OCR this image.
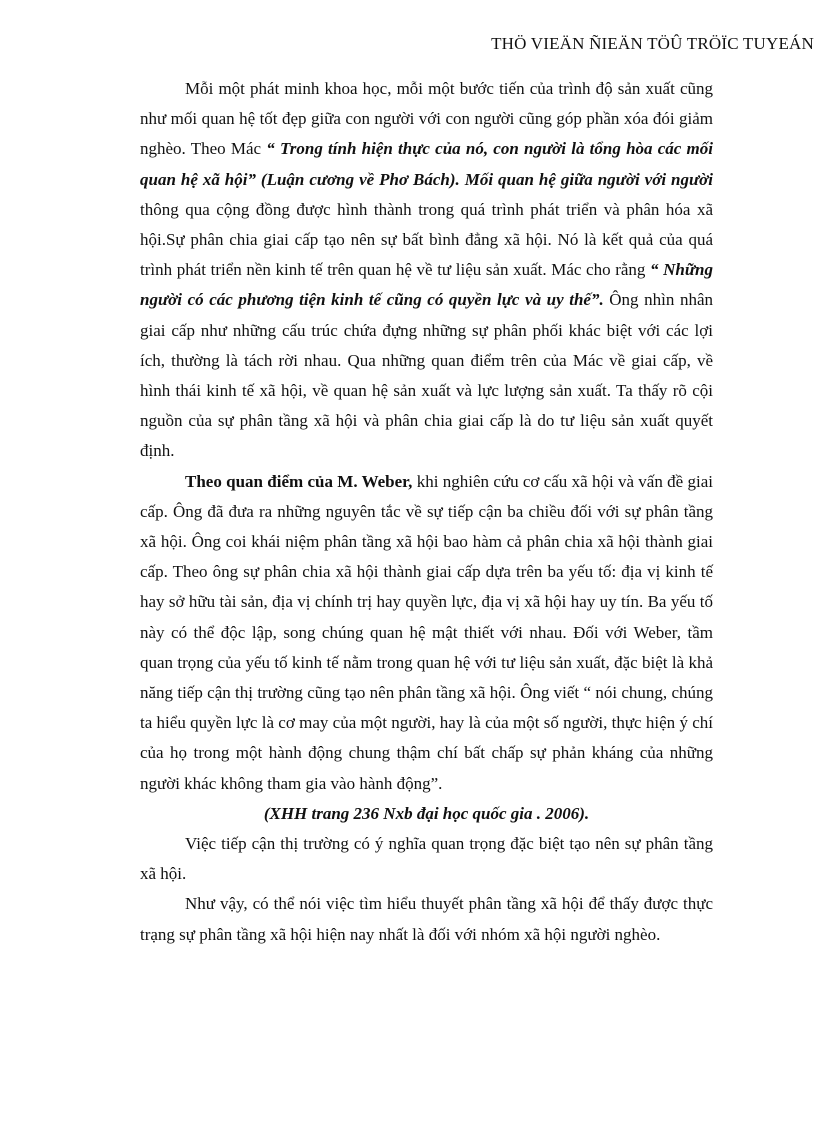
THÖ VIEÄN ÑIEÄN TÖÛ TRÖÏC TUYEÁN

Mỗi một phát minh khoa học, mỗi một bước tiến của trình độ sản xuất cũng như mối quan hệ tốt đẹp giữa con người với con người cũng góp phần xóa đói giảm nghèo. Theo Mác “ Trong tính hiện thực của nó, con người là tổng hòa các mối quan hệ xã hội” (Luận cương về Phơ Bách). Mối quan hệ giữa người với người thông qua cộng đồng được hình thành trong quá trình phát triển và phân hóa xã hội.Sự phân chia giai cấp tạo nên sự bất bình đẳng xã hội. Nó là kết quả của quá trình phát triển nền kinh tế trên quan hệ về tư liệu sản xuất. Mác cho rằng “ Những người có các phương tiện kinh tế cũng có quyền lực và uy thế”. Ông nhìn nhân giai cấp như những cấu trúc chứa đựng những sự phân phối khác biệt với các lợi ích, thường là tách rời nhau. Qua những quan điểm trên của Mác về giai cấp, về hình thái kinh tế xã hội, về quan hệ sản xuất và lực lượng sản xuất. Ta thấy rõ cội nguồn của sự phân tầng xã hội và phân chia giai cấp là do tư liệu sản xuất quyết định.

Theo quan điểm của M. Weber, khi nghiên cứu cơ cấu xã hội và vấn đề giai cấp. Ông đã đưa ra những nguyên tắc về sự tiếp cận ba chiều đối với sự phân tầng xã hội. Ông coi khái niệm phân tầng xã hội bao hàm cả phân chia xã hội thành giai cấp. Theo ông sự phân chia xã hội thành giai cấp dựa trên ba yếu tố: địa vị kinh tế hay sở hữu tài sản, địa vị chính trị hay quyền lực, địa vị xã hội hay uy tín. Ba yếu tố này có thể độc lập, song chúng quan hệ mật thiết với nhau. Đối với Weber, tầm quan trọng của yếu tố kinh tế nằm trong quan hệ với tư liệu sản xuất, đặc biệt là khả năng tiếp cận thị trường cũng tạo nên phân tầng xã hội. Ông viết “ nói chung, chúng ta hiểu quyền lực là cơ may của một người, hay là của một số người, thực hiện ý chí của họ trong một hành động chung thậm chí bất chấp sự phản kháng của những người khác không tham gia vào hành động”.

(XHH trang 236 Nxb đại học quốc gia . 2006).

Việc tiếp cận thị trường có ý nghĩa quan trọng đặc biệt tạo nên sự phân tầng xã hội.

Như vậy, có thể nói việc tìm hiểu thuyết phân tầng xã hội để thấy được thực trạng sự phân tầng xã hội hiện nay nhất là đối với nhóm xã hội người nghèo.
